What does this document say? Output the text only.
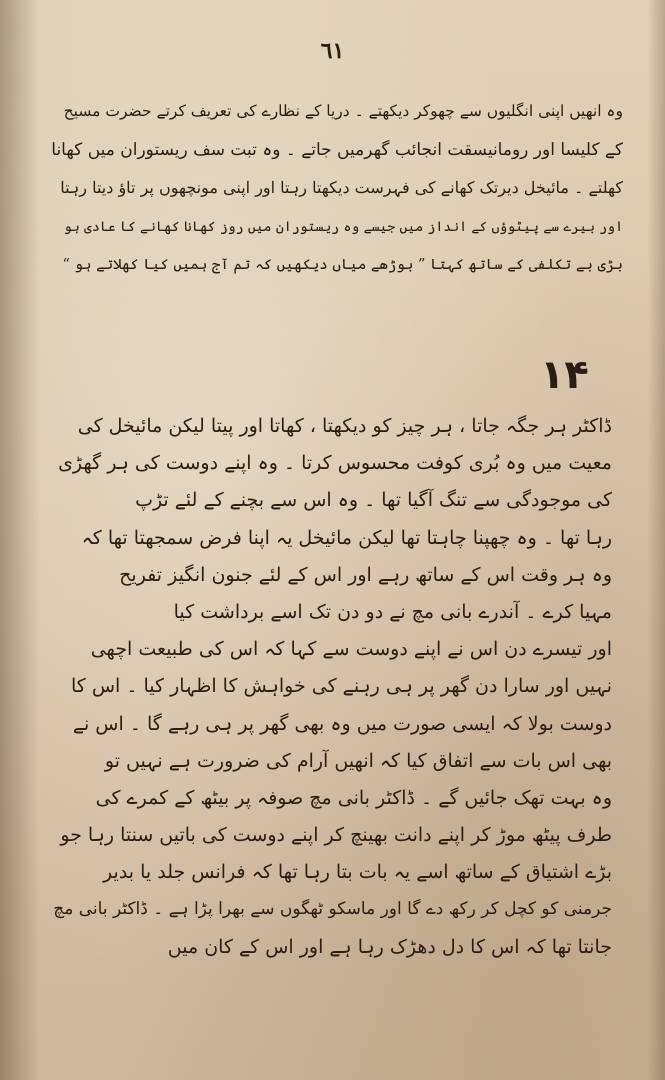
٦١
وہ انھیں اپنی انگلیوں سے چھوکر دیکھتے ۔ دریا کے نظارے کی تعریف کرتے حضرت مسیح
کے کلیسا اور رومانیسقت انجائب گھرمیں جاتے ۔ وہ تبت سف ریستوران میں کھانا
کھلتے ۔ مائیخل دیرتک کھانے کی فہرست دیکھتا رہتا اور اپنی مونچھوں پر تاؤ دیتا رہتا
اور بیرے سے پیٹوؤں کے انداز میں جیسے وہ ریستوران میں روز کھانا کھانے کا عادی ہو
بڑی بے تکلفی کے ساتھ کہتا ” بوڑھے میاں دیکھیں کہ تم آج ہمیں کیا کھلاتے ہو “
۱۴
ڈاکٹر ہر جگہ جاتا ، ہر چیز کو دیکھتا ، کھاتا اور پیتا لیکن مائیخل کی
معیت میں وہ بُری کوفت محسوس کرتا ۔ وہ اپنے دوست کی ہر گھڑی
کی موجودگی سے تنگ آگیا تھا ۔ وہ اس سے بچنے کے لئے تڑپ
رہا تھا ۔ وہ چھپنا چاہتا تھا لیکن مائیخل یہ اپنا فرض سمجھتا تھا کہ
وہ ہر وقت اس کے ساتھ رہے اور اس کے لئے جنون انگیز تفریح
مہیا کرے ۔ آندرے بانی مچ نے دو دن تک اسے برداشت کیا
اور تیسرے دن اس نے اپنے دوست سے کہا کہ اس کی طبیعت اچھی
نہیں اور سارا دن گھر پر ہی رہنے کی خواہش کا اظہار کیا ۔ اس کا
دوست بولا کہ ایسی صورت میں وہ بھی گھر پر ہی رہے گا ۔ اس نے
بھی اس بات سے اتفاق کیا کہ انھیں آرام کی ضرورت ہے نہیں تو
وہ بہت تھک جائیں گے ۔ ڈاکٹر بانی مچ صوفہ پر بیٹھ کے کمرے کی
طرف پیٹھ موڑ کر اپنے دانت بھینچ کر اپنے دوست کی باتیں سنتا رہا جو
بڑے اشتیاق کے ساتھ اسے یہ بات بتا رہا تھا کہ فرانس جلد یا بدیر
جرمنی کو کچل کر رکھ دے گا اور ماسکو ٹھگوں سے بھرا پڑا ہے ۔ ڈاکٹر بانی مچ
جانتا تھا کہ اس کا دل دھڑک رہا ہے اور اس کے کان میں
